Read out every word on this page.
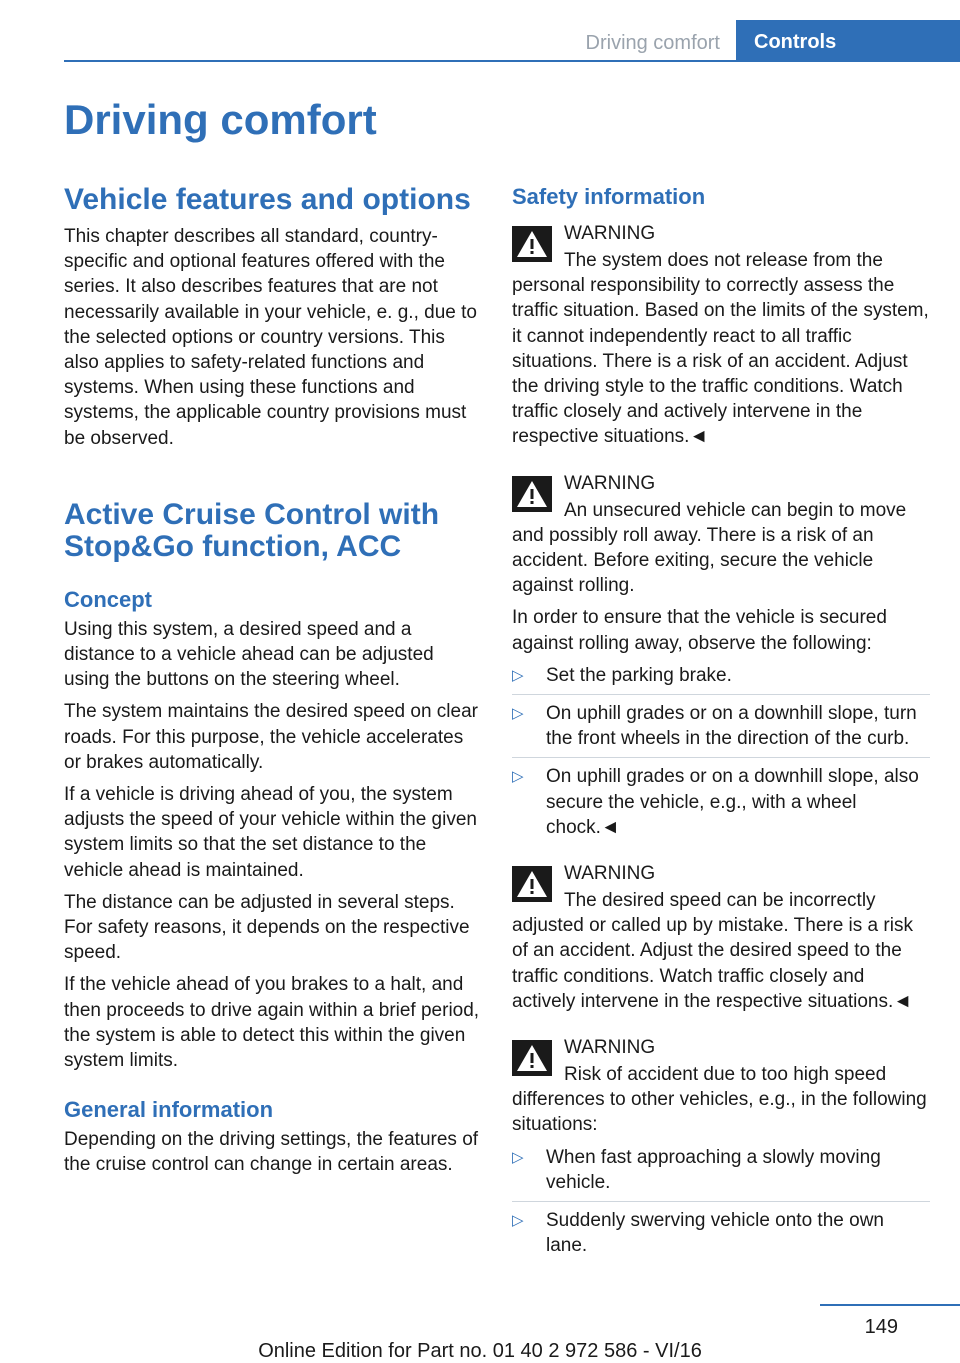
Driving comfort	Controls
Driving comfort
Vehicle features and options

This chapter describes all standard, country-specific and optional features offered with the series. It also describes features that are not necessarily available in your vehicle, e. g., due to the selected options or country versions. This also applies to safety-related functions and systems. When using these functions and systems, the applicable country provisions must be observed.

Active Cruise Control with Stop&Go function, ACC
Concept

Using this system, a desired speed and a distance to a vehicle ahead can be adjusted using the buttons on the steering wheel.

The system maintains the desired speed on clear roads. For this purpose, the vehicle accelerates or brakes automatically.

If a vehicle is driving ahead of you, the system adjusts the speed of your vehicle within the given system limits so that the set distance to the vehicle ahead is maintained.

The distance can be adjusted in several steps. For safety reasons, it depends on the respective speed.

If the vehicle ahead of you brakes to a halt, and then proceeds to drive again within a brief period, the system is able to detect this within the given system limits.

General information

Depending on the driving settings, the features of the cruise control can change in certain areas.

Safety information
WARNING

The system does not release from the personal responsibility to correctly assess the traffic situation. Based on the limits of the system, it cannot independently react to all traffic situations. There is a risk of an accident. Adjust the driving style to the traffic conditions. Watch traffic closely and actively intervene in the respective situations.◄

WARNING

An unsecured vehicle can begin to move and possibly roll away. There is a risk of an accident. Before exiting, secure the vehicle against rolling.

In order to ensure that the vehicle is secured against rolling away, observe the following:

▷ Set the parking brake.
▷ On uphill grades or on a downhill slope, turn the front wheels in the direction of the curb.
▷ On uphill grades or on a downhill slope, also secure the vehicle, e.g., with a wheel chock.◄
WARNING

The desired speed can be incorrectly adjusted or called up by mistake. There is a risk of an accident. Adjust the desired speed to the traffic conditions. Watch traffic closely and actively intervene in the respective situations.◄

WARNING

Risk of accident due to too high speed differences to other vehicles, e.g., in the following situations:

▷ When fast approaching a slowly moving vehicle.
▷ Suddenly swerving vehicle onto the own lane.
149
Online Edition for Part no. 01 40 2 972 586 - VI/16
